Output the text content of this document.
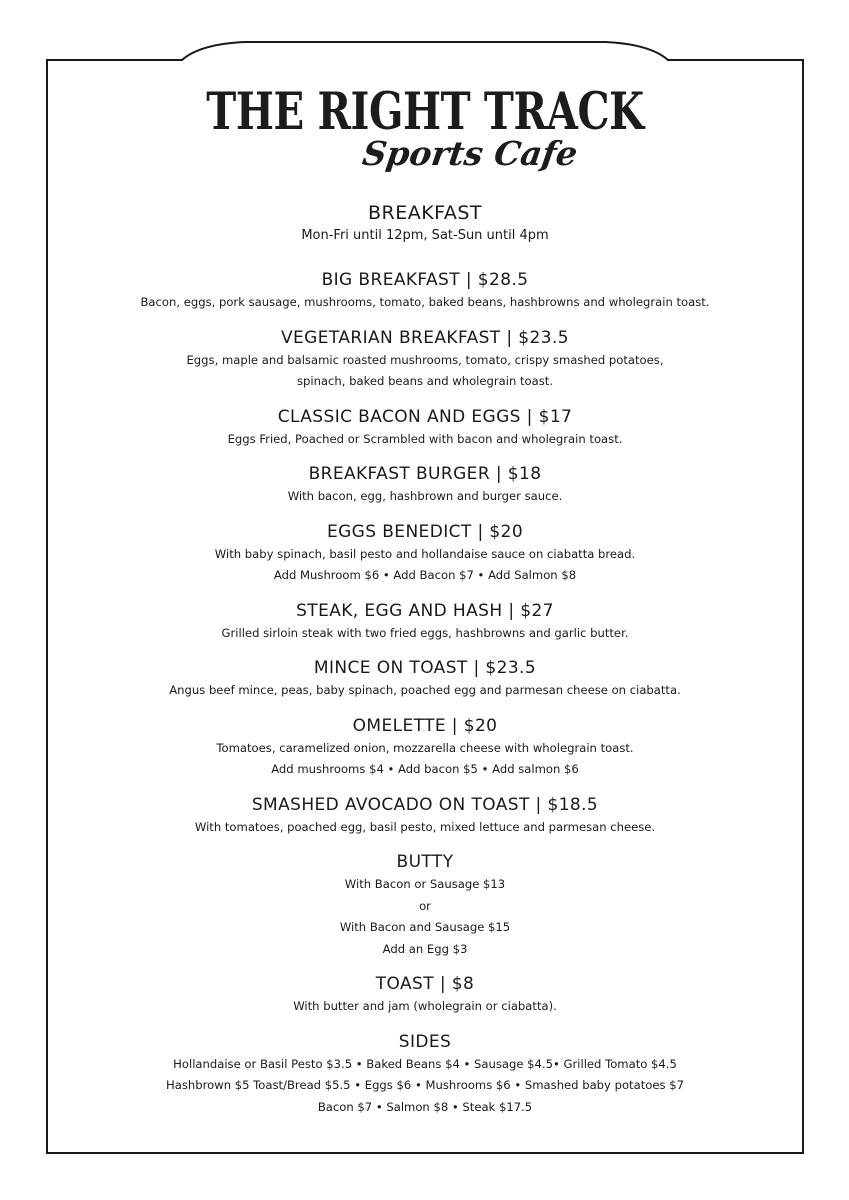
THE RIGHT TRACK
Sports Cafe
BREAKFAST
Mon-Fri until 12pm, Sat-Sun until 4pm
BIG BREAKFAST | $28.5
Bacon, eggs, pork sausage, mushrooms, tomato, baked beans, hashbrowns and wholegrain toast.
VEGETARIAN BREAKFAST | $23.5
Eggs, maple and balsamic roasted mushrooms, tomato, crispy smashed potatoes,
spinach, baked beans and wholegrain toast.
CLASSIC BACON AND EGGS | $17
Eggs Fried, Poached or Scrambled with bacon and wholegrain toast.
BREAKFAST BURGER | $18
With bacon, egg, hashbrown and burger sauce.
EGGS BENEDICT | $20
With baby spinach, basil pesto and hollandaise sauce on ciabatta bread.
Add Mushroom $6 • Add Bacon $7 • Add Salmon $8
STEAK, EGG AND HASH | $27
Grilled sirloin steak with two fried eggs, hashbrowns and garlic butter.
MINCE ON TOAST | $23.5
Angus beef mince, peas, baby spinach, poached egg and parmesan cheese on ciabatta.
OMELETTE | $20
Tomatoes, caramelized onion, mozzarella cheese with wholegrain toast.
Add mushrooms $4 • Add bacon $5 • Add salmon $6
SMASHED AVOCADO ON TOAST | $18.5
With tomatoes, poached egg, basil pesto, mixed lettuce and parmesan cheese.
BUTTY
With Bacon or Sausage $13
or
With Bacon and Sausage $15
Add an Egg $3
TOAST | $8
With butter and jam (wholegrain or ciabatta).
SIDES
Hollandaise or Basil Pesto $3.5 • Baked Beans $4 • Sausage $4.5• Grilled Tomato $4.5
Hashbrown $5 Toast/Bread $5.5 • Eggs $6 • Mushrooms $6 • Smashed baby potatoes $7
Bacon $7 • Salmon $8 • Steak $17.5
